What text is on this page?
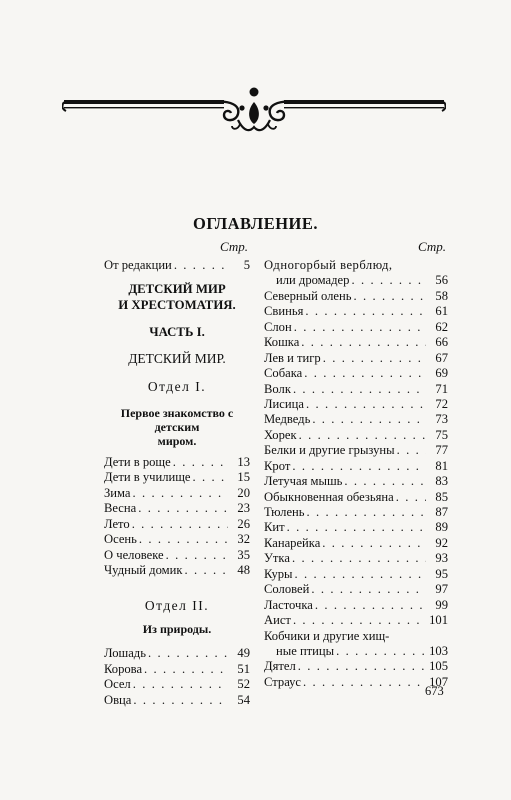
ОГЛАВЛЕНИЕ.
Стр.
От редакции . . .	5
ДЕТСКИЙ МИР
И ХРЕСТОМАТИЯ.
ЧАСТЬ I.
ДЕТСКИЙ МИР.
Отдел I.
Первое знакомство с детским
миром.
Дети в роще . . .	13
Дети в училище . . .	15
Зима . . .	20
Весна . . .	23
Лето . . .	26
Осень . . .	32
О человеке . . .	35
Чудный домик . . .	48
Отдел II.
Из природы.
Лошадь . . .	49
Корова . . .	51
Осел . . .	52
Овца . . .	54
Стр.
Одногорбый верблюд,
или дромадер . . .	56
Северный олень . . .	58
Свинья . . .	61
Слон . . .	62
Кошка . . .	66
Лев и тигр . . .	67
Собака . . .	69
Волк . . .	71
Лисица . . .	72
Медведь . . .	73
Хорек . . .	75
Белки и другие грызуны . . .	77
Крот . . .	81
Летучая мышь . . .	83
Обыкновенная обезьяна . . .	85
Тюлень . . .	87
Кит . . .	89
Канарейка . . .	92
Утка . . .	93
Куры . . .	95
Соловей . . .	97
Ласточка . . .	99
Аист . . .	101
Кобчики и другие хищ-
ные птицы . . .	103
Дятел . . .	105
Страус . . .	107
673
